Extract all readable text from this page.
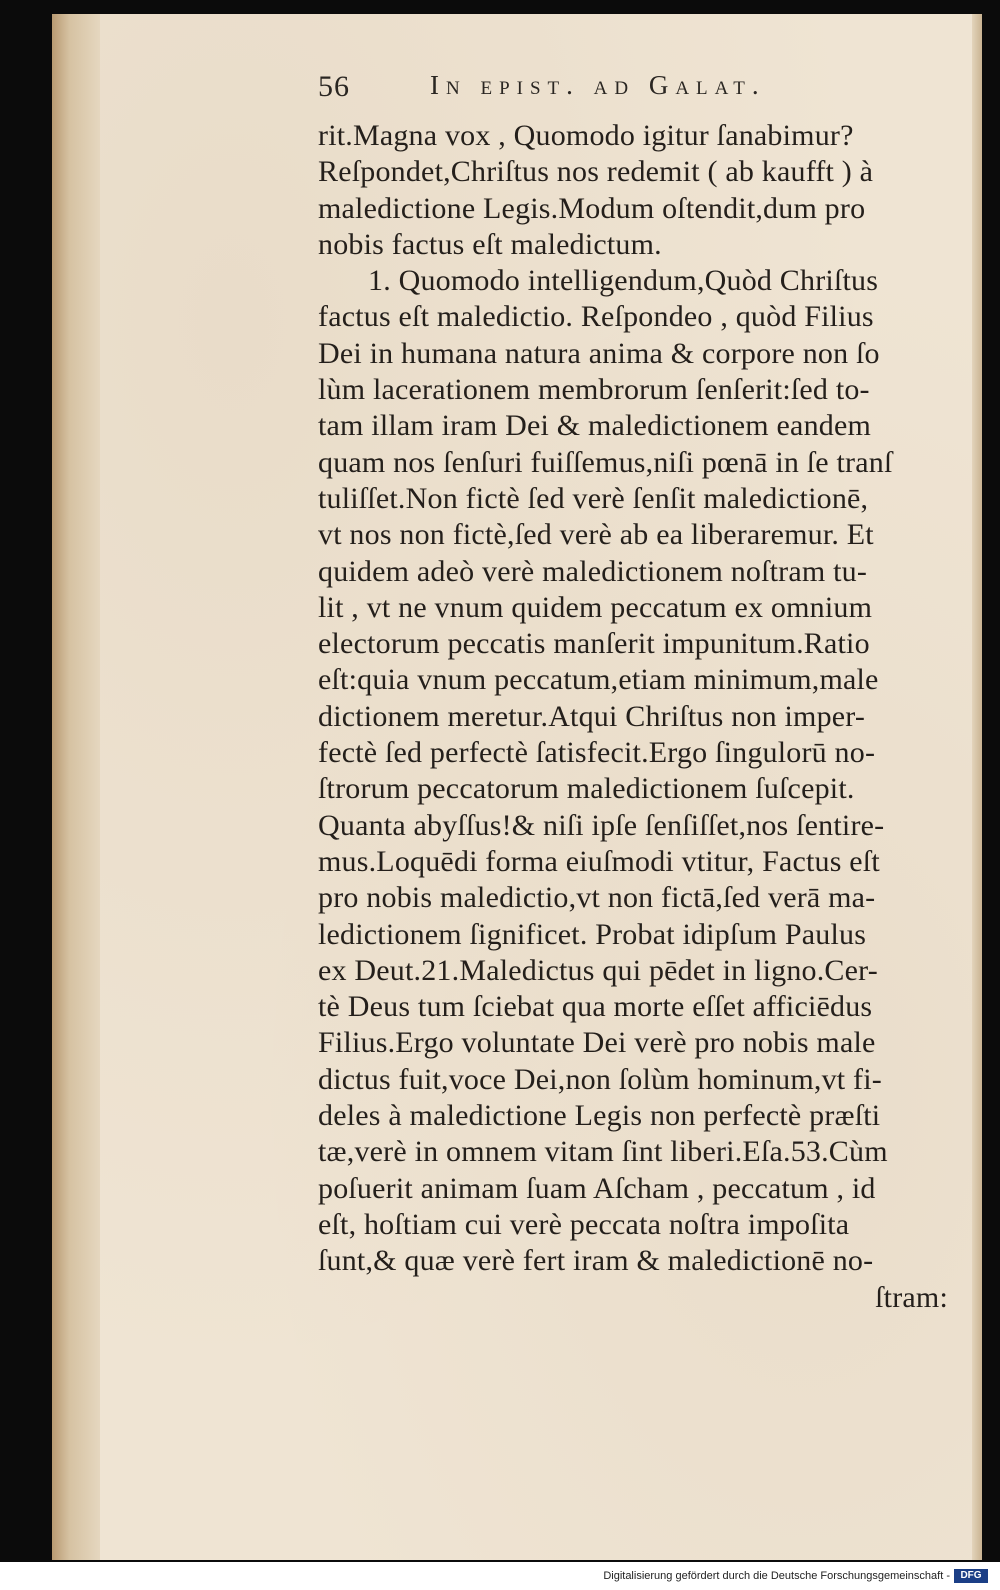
56	In epist. ad Galat.
rit.Magna vox , Quomodo igitur ſanabimur?
Reſpondet,Chriſtus nos redemit ( ab kaufft ) à
maledictione Legis.Modum oſtendit,dum pro
nobis factus eſt maledictum.
1. Quomodo intelligendum,Quòd Chriſtus
factus eſt maledictio. Reſpondeo , quòd Filius
Dei in humana natura anima & corpore non ſo
lùm lacerationem membrorum ſenſerit:ſed to-
tam illam iram Dei & maledictionem eandem
quam nos ſenſuri fuiſſemus,niſi pœnā in ſe tranſ
tuliſſet.Non fictè ſed verè ſenſit maledictionē,
vt nos non fictè,ſed verè ab ea liberaremur. Et
quidem adeò verè maledictionem noſtram tu-
lit , vt ne vnum quidem peccatum ex omnium
electorum peccatis manſerit impunitum.Ratio
eſt:quia vnum peccatum,etiam minimum,male
dictionem meretur.Atqui Chriſtus non imper-
fectè ſed perfectè ſatisfecit.Ergo ſingulorū no-
ſtrorum peccatorum maledictionem ſuſcepit.
Quanta abyſſus!& niſi ipſe ſenſiſſet,nos ſentire-
mus.Loquēdi forma eiuſmodi vtitur, Factus eſt
pro nobis maledictio,vt non fictā,ſed verā ma-
ledictionem ſignificet. Probat idipſum Paulus
ex Deut.21.Maledictus qui pēdet in ligno.Cer-
tè Deus tum ſciebat qua morte eſſet afficiēdus
Filius.Ergo voluntate Dei verè pro nobis male
dictus fuit,voce Dei,non ſolùm hominum,vt fi-
deles à maledictione Legis non perfectè præſti
tæ,verè in omnem vitam ſint liberi.Eſa.53.Cùm
poſuerit animam ſuam Aſcham , peccatum , id
eſt, hoſtiam cui verè peccata noſtra impoſita
ſunt,& quæ verè fert iram & maledictionē no-
ſtram:
Digitalisierung gefördert durch die Deutsche Forschungsgemeinschaft -	DFG
